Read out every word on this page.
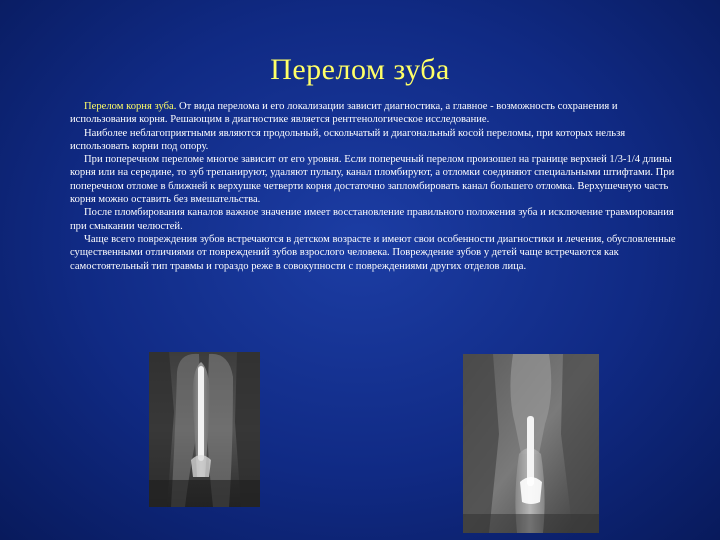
Перелом зуба

Перелом корня зуба. От вида перелома и его локализации зависит диагностика, а главное - возможность сохранения и использования корня. Решающим в диагностике является рентгенологическое исследование.

Наиболее неблагоприятными являются продольный, оскольчатый и диагональный косой переломы, при которых нельзя использовать корни под опору.

При поперечном переломе многое зависит от его уровня. Если поперечный перелом произошел на границе верхней 1/3-1/4 длины корня или на середине, то зуб трепанируют, удаляют пульпу, канал пломбируют, а отломки соединяют специальными штифтами. При поперечном отломе в ближней к верхушке четверти корня достаточно запломбировать канал большего отломка. Верхушечную часть корня можно оставить без вмешательства.

После пломбирования каналов важное значение имеет восстановление правильного положения зуба и исключение травмирования при смыкании челюстей.

Чаще всего повреждения зубов встречаются в детском возрасте и имеют свои особенности диагностики и лечения, обусловленные существенными отличиями от повреждений зубов взрослого человека. Повреждение зубов у детей чаще встречаются как самостоятельный тип травмы и гораздо реже в совокупности с повреждениями других отделов лица.
